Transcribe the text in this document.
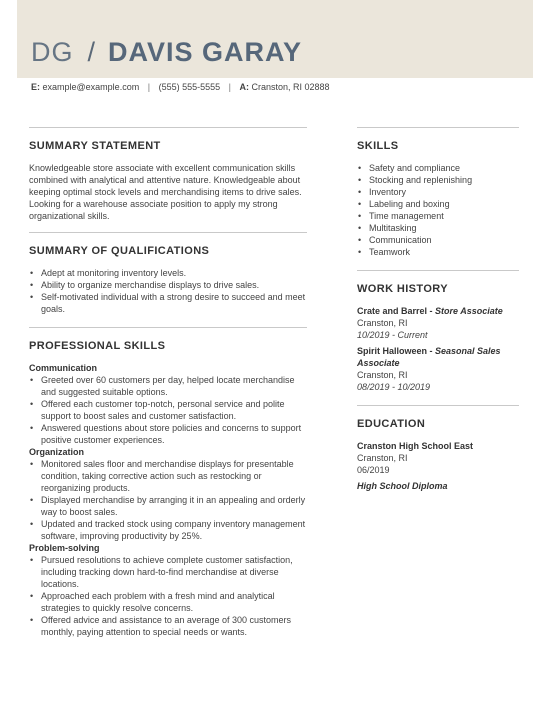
DG / DAVIS GARAY
E: example@example.com | (555) 555-5555 | A: Cranston, RI 02888
SUMMARY STATEMENT

Knowledgeable store associate with excellent communication skills combined with analytical and attentive nature. Knowledgeable about keeping optimal stock levels and merchandising items to drive sales. Looking for a warehouse associate position to apply my strong organizational skills.

SUMMARY OF QUALIFICATIONS
• Adept at monitoring inventory levels.
• Ability to organize merchandise displays to drive sales.
• Self-motivated individual with a strong desire to succeed and meet goals.
PROFESSIONAL SKILLS
Communication
• Greeted over 60 customers per day, helped locate merchandise and suggested suitable options.
• Offered each customer top-notch, personal service and polite support to boost sales and customer satisfaction.
• Answered questions about store policies and concerns to support positive customer experiences.
Organization
• Monitored sales floor and merchandise displays for presentable condition, taking corrective action such as restocking or reorganizing products.
• Displayed merchandise by arranging it in an appealing and orderly way to boost sales.
• Updated and tracked stock using company inventory management software, improving productivity by 25%.
Problem-solving
• Pursued resolutions to achieve complete customer satisfaction, including tracking down hard-to-find merchandise at diverse locations.
• Approached each problem with a fresh mind and analytical strategies to quickly resolve concerns.
• Offered advice and assistance to an average of 300 customers monthly, paying attention to special needs or wants.
SKILLS
• Safety and compliance
• Stocking and replenishing
• Inventory
• Labeling and boxing
• Time management
• Multitasking
• Communication
• Teamwork
WORK HISTORY
Crate and Barrel - Store Associate
Cranston, RI
10/2019 - Current
Spirit Halloween - Seasonal Sales Associate
Cranston, RI
08/2019 - 10/2019
EDUCATION
Cranston High School East
Cranston, RI
06/2019
High School Diploma
